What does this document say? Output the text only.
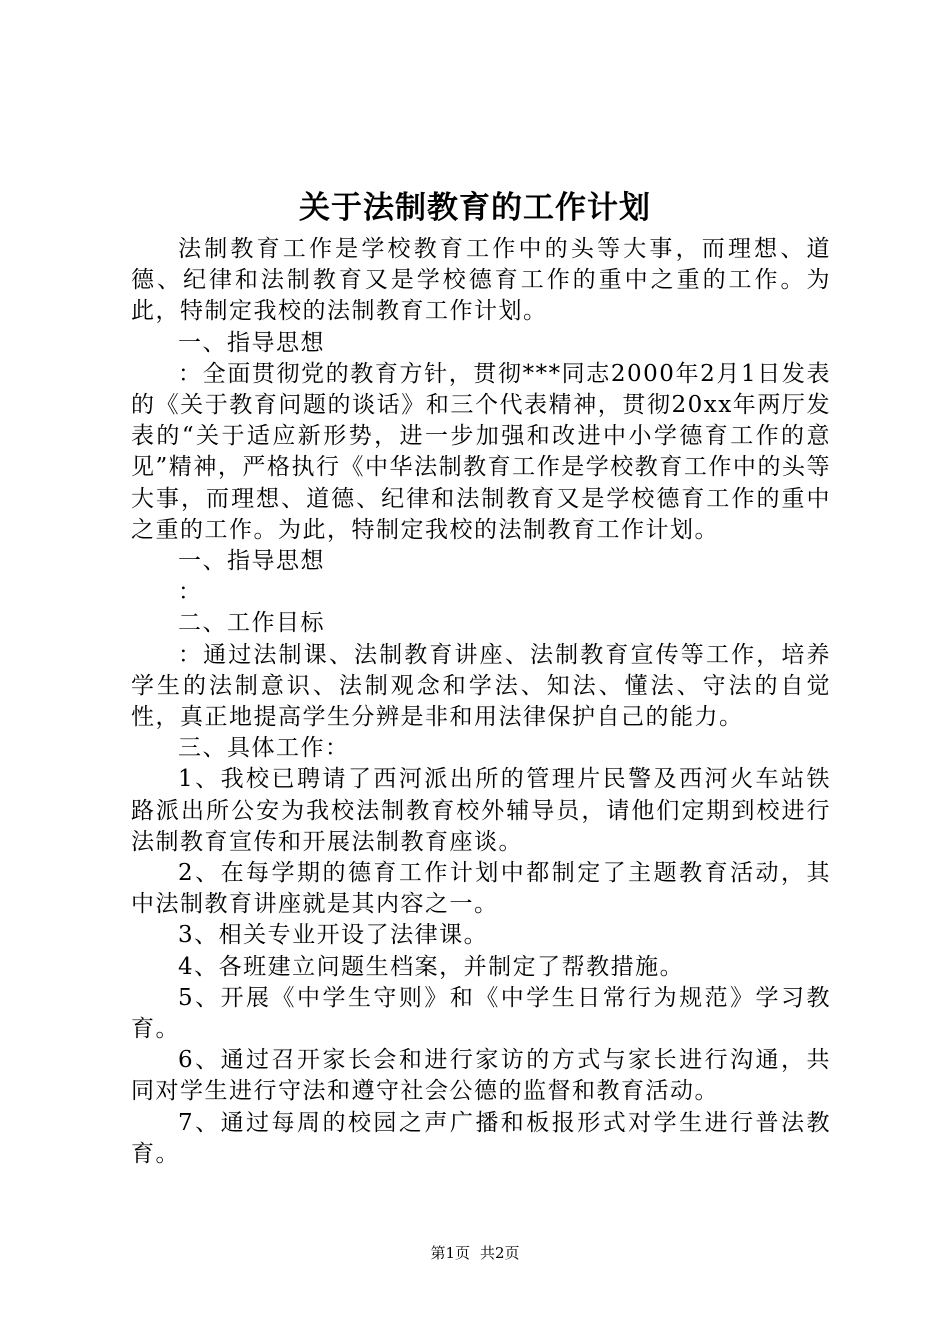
关于法制教育的工作计划

法制教育工作是学校教育工作中的头等大事，而理想、道德、纪律和法制教育又是学校德育工作的重中之重的工作。为此，特制定我校的法制教育工作计划。

一、指导思想

：全面贯彻党的教育方针，贯彻***同志2000年2月1日发表的《关于教育问题的谈话》和三个代表精神，贯彻20xx年两厅发表的“关于适应新形势，进一步加强和改进中小学德育工作的意见”精神，严格执行《中华法制教育工作是学校教育工作中的头等大事，而理想、道德、纪律和法制教育又是学校德育工作的重中之重的工作。为此，特制定我校的法制教育工作计划。

一、指导思想

：

二、工作目标

：通过法制课、法制教育讲座、法制教育宣传等工作，培养学生的法制意识、法制观念和学法、知法、懂法、守法的自觉性，真正地提高学生分辨是非和用法律保护自己的能力。

三、具体工作：

1、我校已聘请了西河派出所的管理片民警及西河火车站铁路派出所公安为我校法制教育校外辅导员，请他们定期到校进行法制教育宣传和开展法制教育座谈。

2、在每学期的德育工作计划中都制定了主题教育活动，其中法制教育讲座就是其内容之一。

3、相关专业开设了法律课。

4、各班建立问题生档案，并制定了帮教措施。

5、开展《中学生守则》和《中学生日常行为规范》学习教育。

6、通过召开家长会和进行家访的方式与家长进行沟通，共同对学生进行守法和遵守社会公德的监督和教育活动。

7、通过每周的校园之声广播和板报形式对学生进行普法教育。

第1页 共2页
